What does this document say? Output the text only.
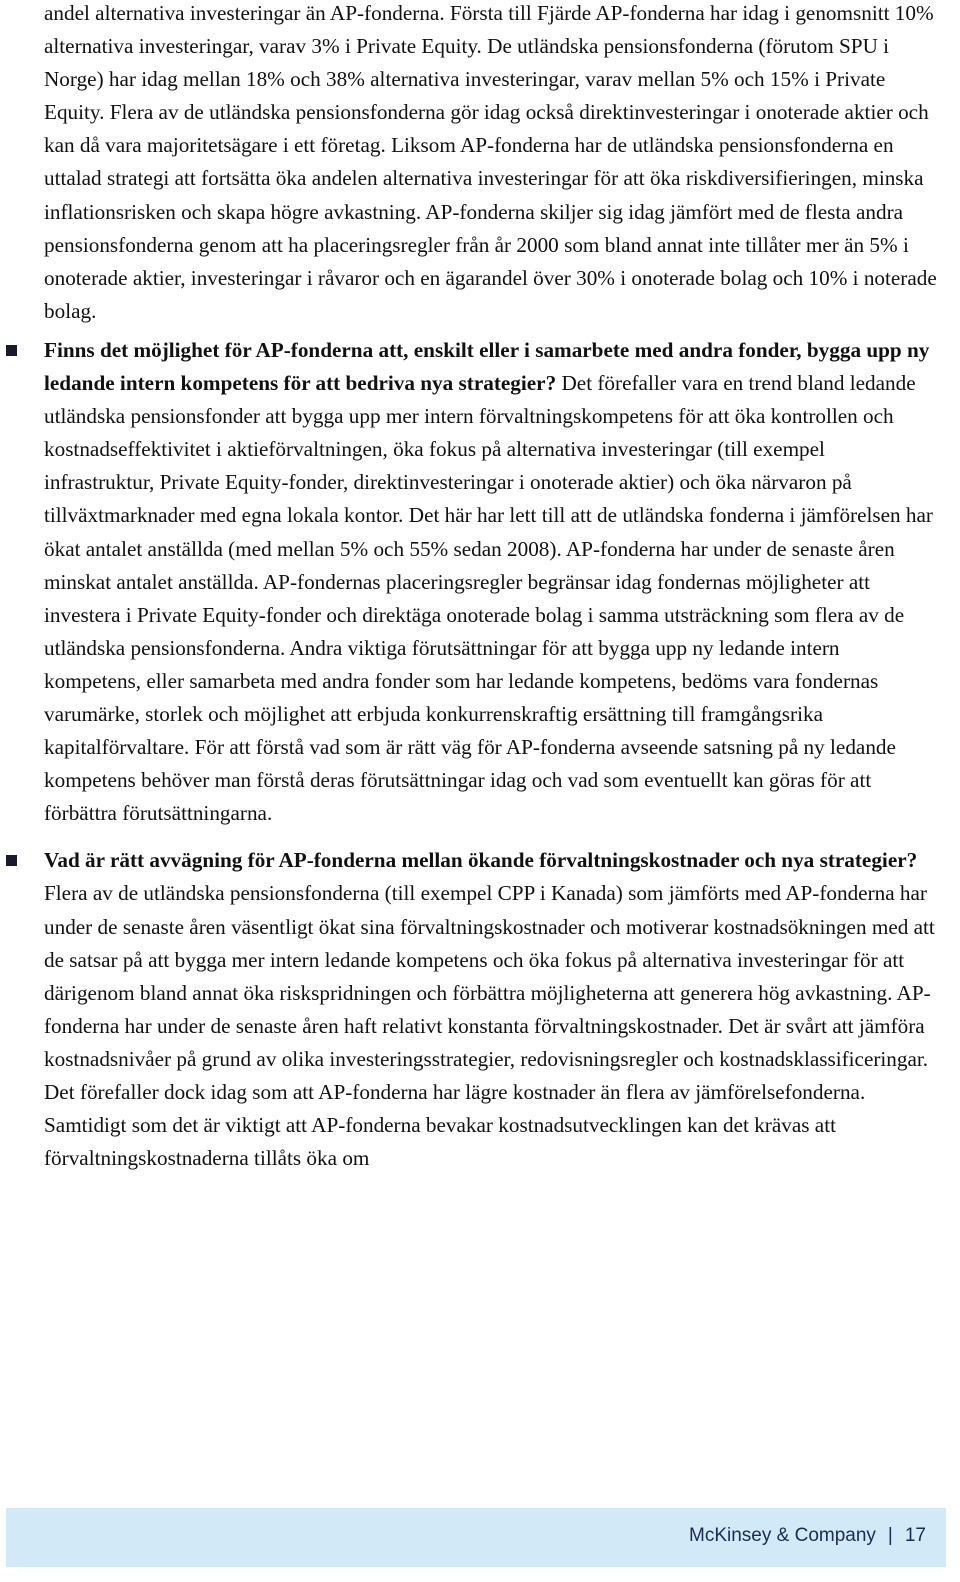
andel alternativa investeringar än AP-fonderna. Första till Fjärde AP-fonderna har idag i genomsnitt 10% alternativa investeringar, varav 3% i Private Equity. De utländska pensionsfonderna (förutom SPU i Norge) har idag mellan 18% och 38% alternativa investeringar, varav mellan 5% och 15% i Private Equity. Flera av de utländska pensionsfonderna gör idag också direktinvesteringar i onoterade aktier och kan då vara majoritetsägare i ett företag. Liksom AP-fonderna har de utländska pensionsfonderna en uttalad strategi att fortsätta öka andelen alternativa investeringar för att öka riskdiversifieringen, minska inflationsrisken och skapa högre avkastning. AP-fonderna skiljer sig idag jämfört med de flesta andra pensionsfonderna genom att ha placeringsregler från år 2000 som bland annat inte tillåter mer än 5% i onoterade aktier, investeringar i råvaror och en ägarandel över 30% i onoterade bolag och 10% i noterade bolag.

Finns det möjlighet för AP-fonderna att, enskilt eller i samarbete med andra fonder, bygga upp ny ledande intern kompetens för att bedriva nya strategier? Det förefaller vara en trend bland ledande utländska pensionsfonder att bygga upp mer intern förvaltningskompetens för att öka kontrollen och kostnadseffektivitet i aktieförvaltningen, öka fokus på alternativa investeringar (till exempel infrastruktur, Private Equity-fonder, direktinvesteringar i onoterade aktier) och öka närvaron på tillväxtmarknader med egna lokala kontor. Det här har lett till att de utländska fonderna i jämförelsen har ökat antalet anställda (med mellan 5% och 55% sedan 2008). AP-fonderna har under de senaste åren minskat antalet anställda. AP-fondernas placeringsregler begränsar idag fondernas möjligheter att investera i Private Equity-fonder och direktäga onoterade bolag i samma utsträckning som flera av de utländska pensionsfonderna. Andra viktiga förutsättningar för att bygga upp ny ledande intern kompetens, eller samarbeta med andra fonder som har ledande kompetens, bedöms vara fondernas varumärke, storlek och möjlighet att erbjuda konkurrenskraftig ersättning till framgångsrika kapitalförvaltare. För att förstå vad som är rätt väg för AP-fonderna avseende satsning på ny ledande kompetens behöver man förstå deras förutsättningar idag och vad som eventuellt kan göras för att förbättra förutsättningarna.

Vad är rätt avvägning för AP-fonderna mellan ökande förvaltningskostnader och nya strategier? Flera av de utländska pensionsfonderna (till exempel CPP i Kanada) som jämförts med AP-fonderna har under de senaste åren väsentligt ökat sina förvaltningskostnader och motiverar kostnadsökningen med att de satsar på att bygga mer intern ledande kompetens och öka fokus på alternativa investeringar för att därigenom bland annat öka riskspridningen och förbättra möjligheterna att generera hög avkastning. AP-fonderna har under de senaste åren haft relativt konstanta förvaltningskostnader. Det är svårt att jämföra kostnadsnivåer på grund av olika investeringsstrategier, redovisningsregler och kostnadsklassificeringar. Det förefaller dock idag som att AP-fonderna har lägre kostnader än flera av jämförelsefonderna. Samtidigt som det är viktigt att AP-fonderna bevakar kostnadsutvecklingen kan det krävas att förvaltningskostnaderna tillåts öka om

McKinsey & Company | 17
